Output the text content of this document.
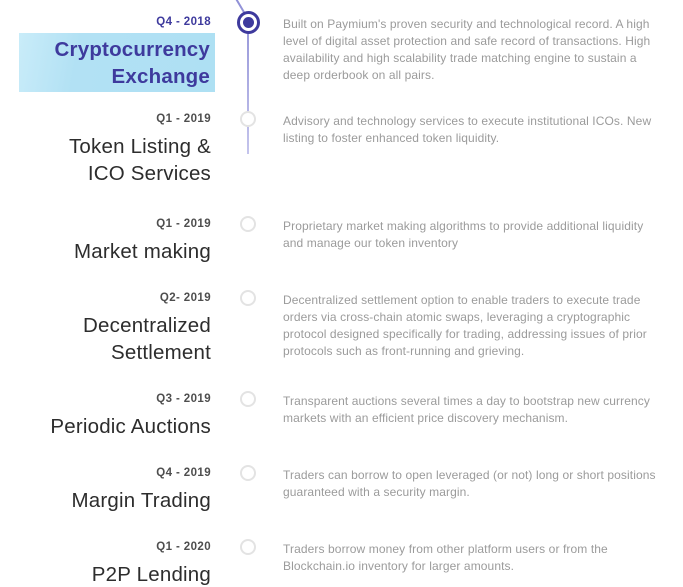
Q4 - 2018
Cryptocurrency
Exchange
Built on Paymium's proven security and technological record. A high level of digital asset protection and safe record of transactions. High availability and high scalability trade matching engine to sustain a deep orderbook on all pairs.
Q1 - 2019
Token Listing &
ICO Services
Advisory and technology services to execute institutional ICOs. New listing to foster enhanced token liquidity.
Q1 - 2019
Market making
Proprietary market making algorithms to provide additional liquidity and manage our token inventory
Q2- 2019
Decentralized
Settlement
Decentralized settlement option to enable traders to execute trade orders via cross-chain atomic swaps, leveraging a cryptographic protocol designed specifically for trading, addressing issues of prior protocols such as front-running and grieving.
Q3 - 2019
Periodic Auctions
Transparent auctions several times a day to bootstrap new currency markets with an efficient price discovery mechanism.
Q4 - 2019
Margin Trading
Traders can borrow to open leveraged (or not) long or short positions guaranteed with a security margin.
Q1 - 2020
P2P Lending
Traders borrow money from other platform users or from the Blockchain.io inventory for larger amounts.
